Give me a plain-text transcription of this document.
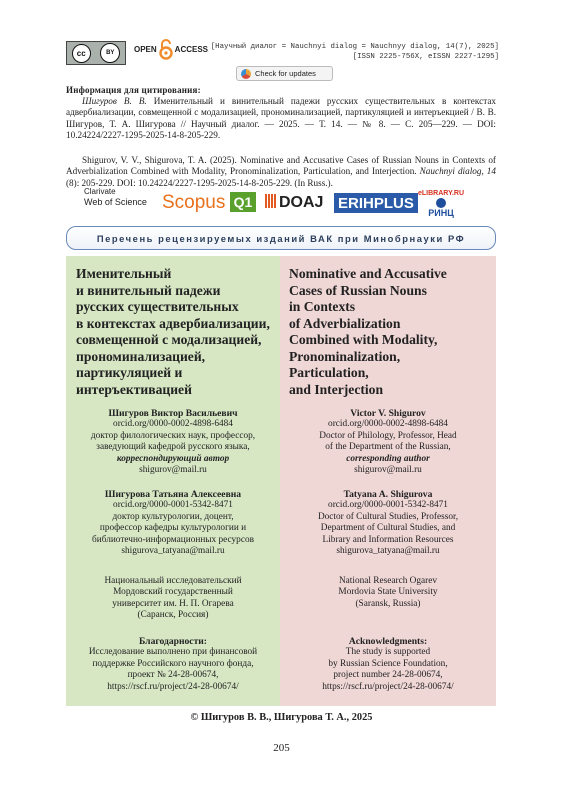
cc	BY	OPEN ACCESS [Научный диалог = Nauchnyi dialog = Nauchnyy dialog, 14(7), 2025]
[ISSN 2225-756X, eISSN 2227-1295]
Check for updates
Информация для цитирования:
Шигуров В. В. Именительный и винительный падежи русских существительных в контекстах адвербиализации, совмещенной с модализацией, прономинализацией, партикуляцией и интеръекцией / В. В. Шигуров, Т. А. Шигурова // Научный диалог. — 2025. — Т. 14. — № 8. — С. 205—229. — DOI: 10.24224/2227-1295-2025-14-8-205-229.
Shigurov, V. V., Shigurova, T. A. (2025). Nominative and Accusative Cases of Russian Nouns in Contexts of Adverbialization Combined with Modality, Pronominalization, Particulation, and Interjection. Nauchnyi dialog, 14 (8): 205-229. DOI: 10.24224/2227-1295-2025-14-8-205-229. (In Russ.).
Clarivate
Web of Science Scopus Q1	DOAJ ERIHPLUS
eLIBRARY.RU
РИНЦ
Перечень рецензируемых изданий ВАК при Минобрнауки РФ
Именительный
и винительный падежи
русских существительных
в контекстах адвербиализации,
совмещенной с модализацией,
прономинализацией,
партикуляцией и
интеръективацией
Шигуров Виктор Васильевич
orcid.org/0000-0002-4898-6484
доктор филологических наук, профессор,
заведующий кафедрой русского языка,
корреспондирующий автор
shigurov@mail.ru
Шигурова Татьяна Алексеевна
orcid.org/0000-0001-5342-8471
доктор культурологии, доцент,
профессор кафедры культурологии и
библиотечно-информационных ресурсов
shigurova_tatyana@mail.ru
Национальный исследовательский
Мордовский государственный
университет им. Н. П. Огарева
(Саранск, Россия)
Благодарности:
Исследование выполнено при финансовой
поддержке Российского научного фонда,
проект № 24-28-00674,
https://rscf.ru/project/24-28-00674/
Nominative and Accusative
Cases of Russian Nouns
in Contexts
of Adverbialization
Combined with Modality,
Pronominalization,
Particulation,
and Interjection
Victor V. Shigurov
orcid.org/0000-0002-4898-6484
Doctor of Philology, Professor, Head
of the Department of the Russian,
corresponding author
shigurov@mail.ru
Tatyana A. Shigurova
orcid.org/0000-0001-5342-8471
Doctor of Cultural Studies, Professor,
Department of Cultural Studies, and
Library and Information Resources
shigurova_tatyana@mail.ru
National Research Ogarev
Mordovia State University
(Saransk, Russia)
Acknowledgments:
The study is supported
by Russian Science Foundation,
project number 24-28-00674,
https://rscf.ru/project/24-28-00674/
© Шигуров В. В., Шигурова Т. А., 2025
205
